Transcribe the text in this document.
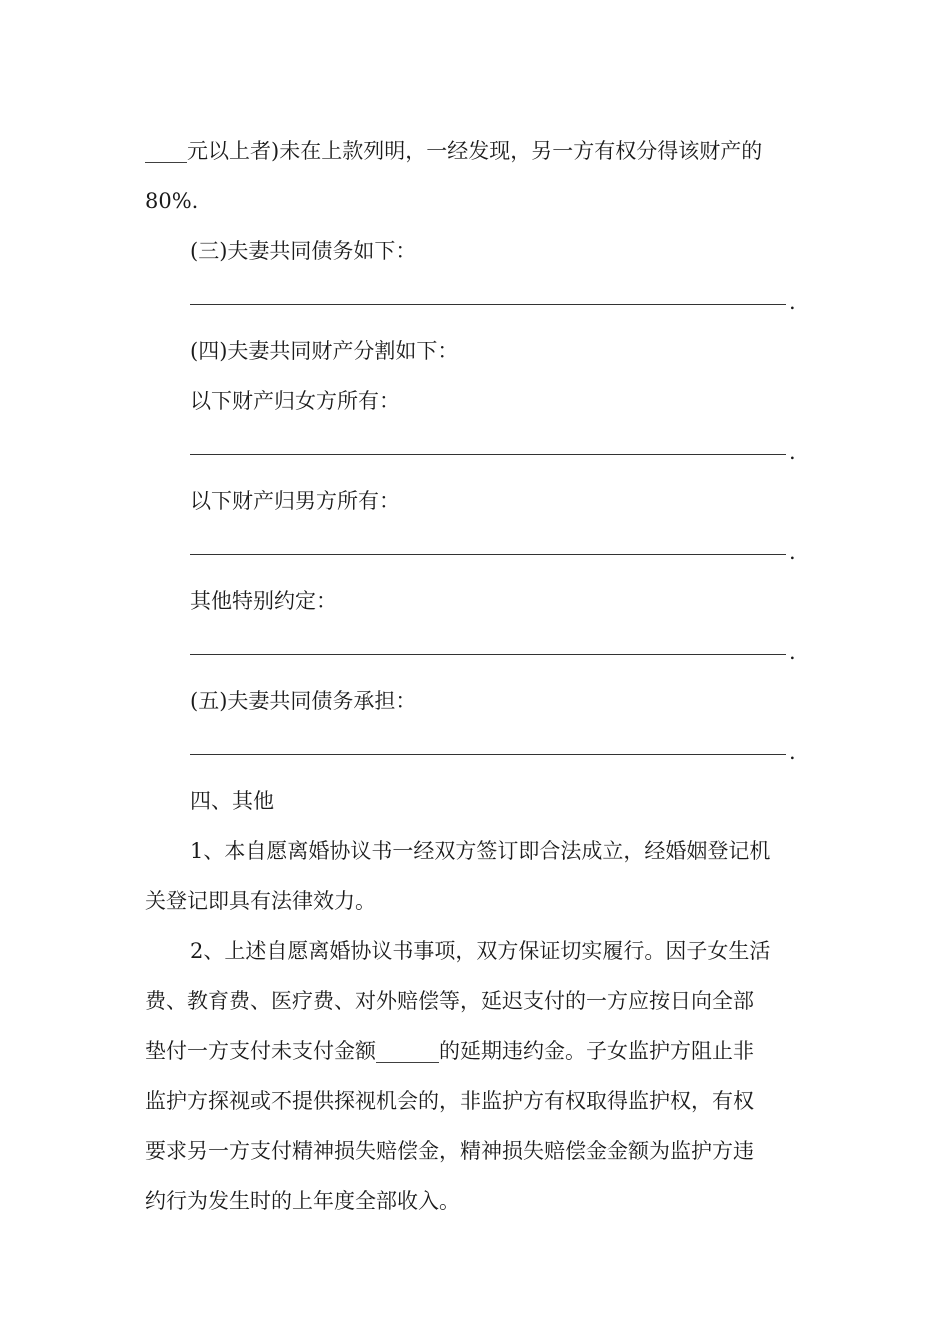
____元以上者)未在上款列明，一经发现，另一方有权分得该财产的
80%.
(三)夫妻共同债务如下：
.
(四)夫妻共同财产分割如下：
以下财产归女方所有：
.
以下财产归男方所有：
.
其他特别约定：
.
(五)夫妻共同债务承担：
.
四、其他
1、本自愿离婚协议书一经双方签订即合法成立，经婚姻登记机
关登记即具有法律效力。
2、上述自愿离婚协议书事项，双方保证切实履行。因子女生活
费、教育费、医疗费、对外赔偿等，延迟支付的一方应按日向全部
垫付一方支付未支付金额______的延期违约金。子女监护方阻止非
监护方探视或不提供探视机会的，非监护方有权取得监护权，有权
要求另一方支付精神损失赔偿金，精神损失赔偿金金额为监护方违
约行为发生时的上年度全部收入。
